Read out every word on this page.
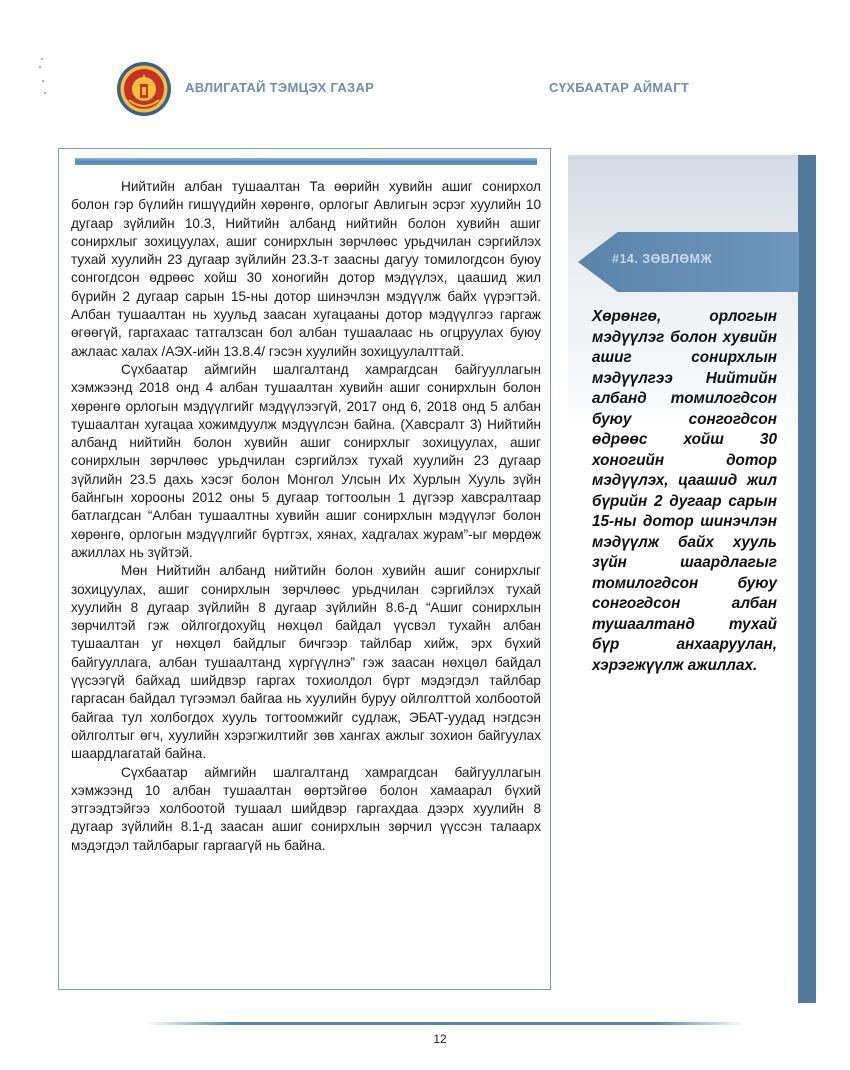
АВЛИГАТАЙ ТЭМЦЭХ ГАЗАР	СҮХБААТАР АЙМАГТ

Нийтийн албан тушаалтан Та өөрийн хувийн ашиг сонирхол болон гэр бүлийн гишүүдийн хөрөнгө, орлогыг Авлигын эсрэг хуулийн 10 дугаар зүйлийн 10.3, Нийтийн албанд нийтийн болон хувийн ашиг сонирхлыг зохицуулах, ашиг сонирхлын зөрчлөөс урьдчилан сэргийлэх тухай хуулийн 23 дугаар зүйлийн 23.3-т заасны дагуу томилогдсон буюу сонгогдсон өдрөөс хойш 30 хоногийн дотор мэдүүлэх, цаашид жил бүрийн 2 дугаар сарын 15-ны дотор шинэчлэн мэдүүлж байх үүрэгтэй. Албан тушаалтан нь хуульд заасан хугацааны дотор мэдүүлгээ гаргаж өгөөгүй, гаргахаас татгалзсан бол албан тушаалаас нь огцруулах буюу ажлаас халах /АЭХ-ийн 13.8.4/ гэсэн хуулийн зохицуулалттай.

Сүхбаатар аймгийн шалгалтанд хамрагдсан байгууллагын хэмжээнд 2018 онд 4 албан тушаалтан хувийн ашиг сонирхлын болон хөрөнгө орлогын мэдүүлгийг мэдүүлээгүй, 2017 онд 6, 2018 онд 5 албан тушаалтан хугацаа хожимдуулж мэдүүлсэн байна. (Хавсралт 3) Нийтийн албанд нийтийн болон хувийн ашиг сонирхлыг зохицуулах, ашиг сонирхлын зөрчлөөс урьдчилан сэргийлэх тухай хуулийн 23 дугаар зүйлийн 23.5 дахь хэсэг болон Монгол Улсын Их Хурлын Хууль зүйн байнгын хорооны 2012 оны 5 дугаар тогтоолын 1 дүгээр хавсралтаар батлагдсан “Албан тушаалтны хувийн ашиг сонирхлын мэдүүлэг болон хөрөнгө, орлогын мэдүүлгийг бүртгэх, хянах, хадгалах журам”-ыг мөрдөж ажиллах нь зүйтэй.

Мөн Нийтийн албанд нийтийн болон хувийн ашиг сонирхлыг зохицуулах, ашиг сонирхлын зөрчлөөс урьдчилан сэргийлэх тухай хуулийн 8 дугаар зүйлийн 8 дугаар зүйлийн 8.6-д “Ашиг сонирхлын зөрчилтэй гэж ойлгогдохуйц нөхцөл байдал үүсвэл тухайн албан тушаалтан уг нөхцөл байдлыг бичгээр тайлбар хийж, эрх бүхий байгууллага, албан тушаалтанд хүргүүлнэ” гэж заасан нөхцөл байдал үүсээгүй байхад шийдвэр гаргах тохиолдол бүрт мэдэгдэл тайлбар гаргасан байдал түгээмэл байгаа нь хуулийн буруу ойлголттой холбоотой байгаа тул холбогдох хууль тогтоомжийг судлаж, ЭБАТ-уудад нэгдсэн ойлголтыг өгч, хуулийн хэрэгжилтийг зөв хангах ажлыг зохион байгуулах шаардлагатай байна.

Сүхбаатар аймгийн шалгалтанд хамрагдсан байгууллагын хэмжээнд 10 албан тушаалтан өөртэйгөө болон хамаарал бүхий этгээдтэйгээ холбоотой тушаал шийдвэр гаргахдаа дээрх хуулийн 8 дугаар зүйлийн 8.1-д заасан ашиг сонирхлын зөрчил үүссэн талаарх мэдэгдэл тайлбарыг гаргаагүй нь байна.

#14. ЗӨВЛӨМЖ

Хөрөнгө, орлогын мэдүүлэг болон хувийн ашиг сонирхлын мэдүүлгээ Нийтийн албанд томилогдсон буюу сонгогдсон өдрөөс хойш 30 хоногийн дотор мэдүүлэх, цаашид жил бүрийн 2 дугаар сарын 15-ны дотор шинэчлэн мэдүүлж байх хууль зүйн шаардлагыг томилогдсон буюу сонгогдсон албан тушаалтанд тухай бүр анхааруулан, хэрэгжүүлж ажиллах.

12
